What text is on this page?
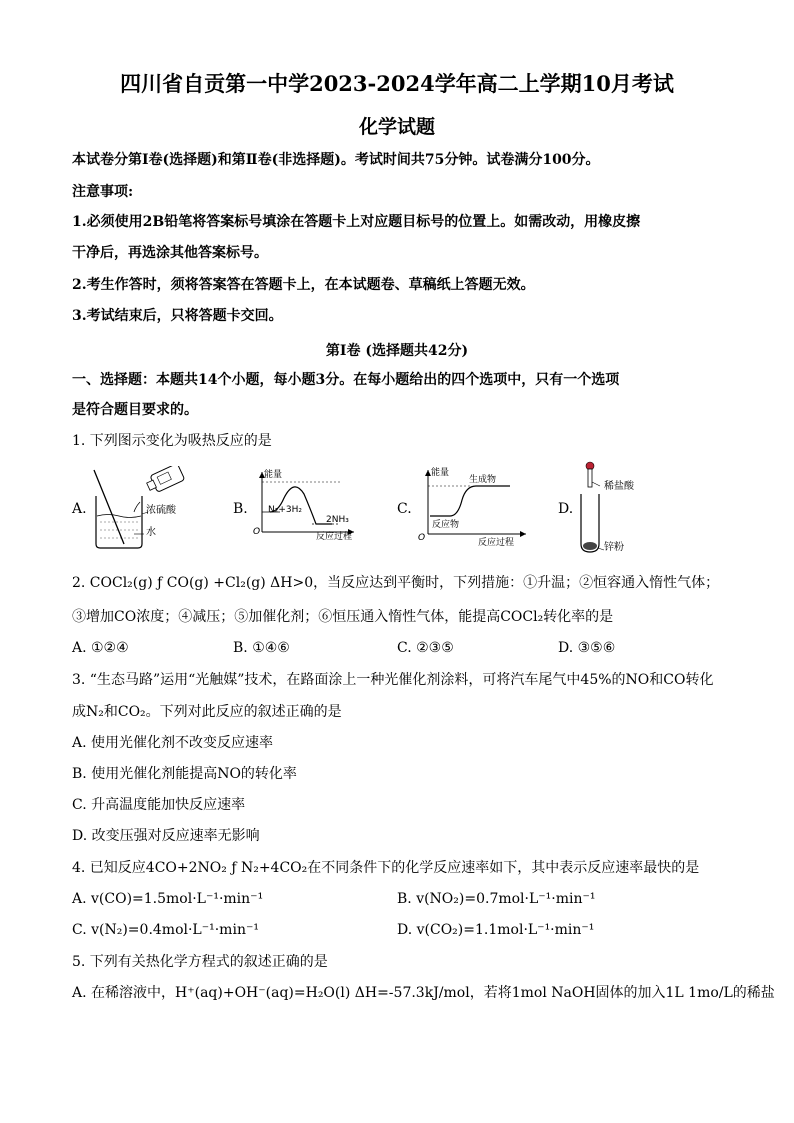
四川省自贡第一中学2023-2024学年高二上学期10月考试
化学试题
本试卷分第Ⅰ卷(选择题)和第Ⅱ卷(非选择题)。考试时间共75分钟。试卷满分100分。
注意事项:
1.必须使用2B铅笔将答案标号填涂在答题卡上对应题目标号的位置上。如需改动，用橡皮擦
干净后，再选涂其他答案标号。
2.考生作答时，须将答案答在答题卡上，在本试题卷、草稿纸上答题无效。
3.考试结束后，只将答题卡交回。
第Ⅰ卷 (选择题共42分)
一、选择题：本题共14个小题，每小题3分。在每小题给出的四个选项中，只有一个选项
是符合题目要求的。
1. 下列图示变化为吸热反应的是
A.	浓硫酸
水
B.
能量
N₂+3H₂
2NH₃
O	反应过程
C.
能量
生成物
反应物
O	反应过程
D.
稀盐酸
锌粉
2. COCl₂(g) ƒ CO(g) +Cl₂(g) ΔH>0，当反应达到平衡时，下列措施：①升温；②恒容通入惰性气体；
③增加CO浓度；④减压；⑤加催化剂；⑥恒压通入惰性气体，能提高COCl₂转化率的是
A. ①②④	B. ①④⑥	C. ②③⑤	D. ③⑤⑥
3. “生态马路”运用“光触媒”技术，在路面涂上一种光催化剂涂料，可将汽车尾气中45%的NO和CO转化
成N₂和CO₂。下列对此反应的叙述正确的是
A. 使用光催化剂不改变反应速率
B. 使用光催化剂能提高NO的转化率
C. 升高温度能加快反应速率
D. 改变压强对反应速率无影响
4. 已知反应4CO+2NO₂ ƒ N₂+4CO₂在不同条件下的化学反应速率如下，其中表示反应速率最快的是
A. v(CO)=1.5mol·L⁻¹·min⁻¹	B. v(NO₂)=0.7mol·L⁻¹·min⁻¹
C. v(N₂)=0.4mol·L⁻¹·min⁻¹	D. v(CO₂)=1.1mol·L⁻¹·min⁻¹
5. 下列有关热化学方程式的叙述正确的是
A. 在稀溶液中，H⁺(aq)+OH⁻(aq)=H₂O(l) ΔH=-57.3kJ/mol，若将1mol NaOH固体的加入1L 1mo/L的稀盐
